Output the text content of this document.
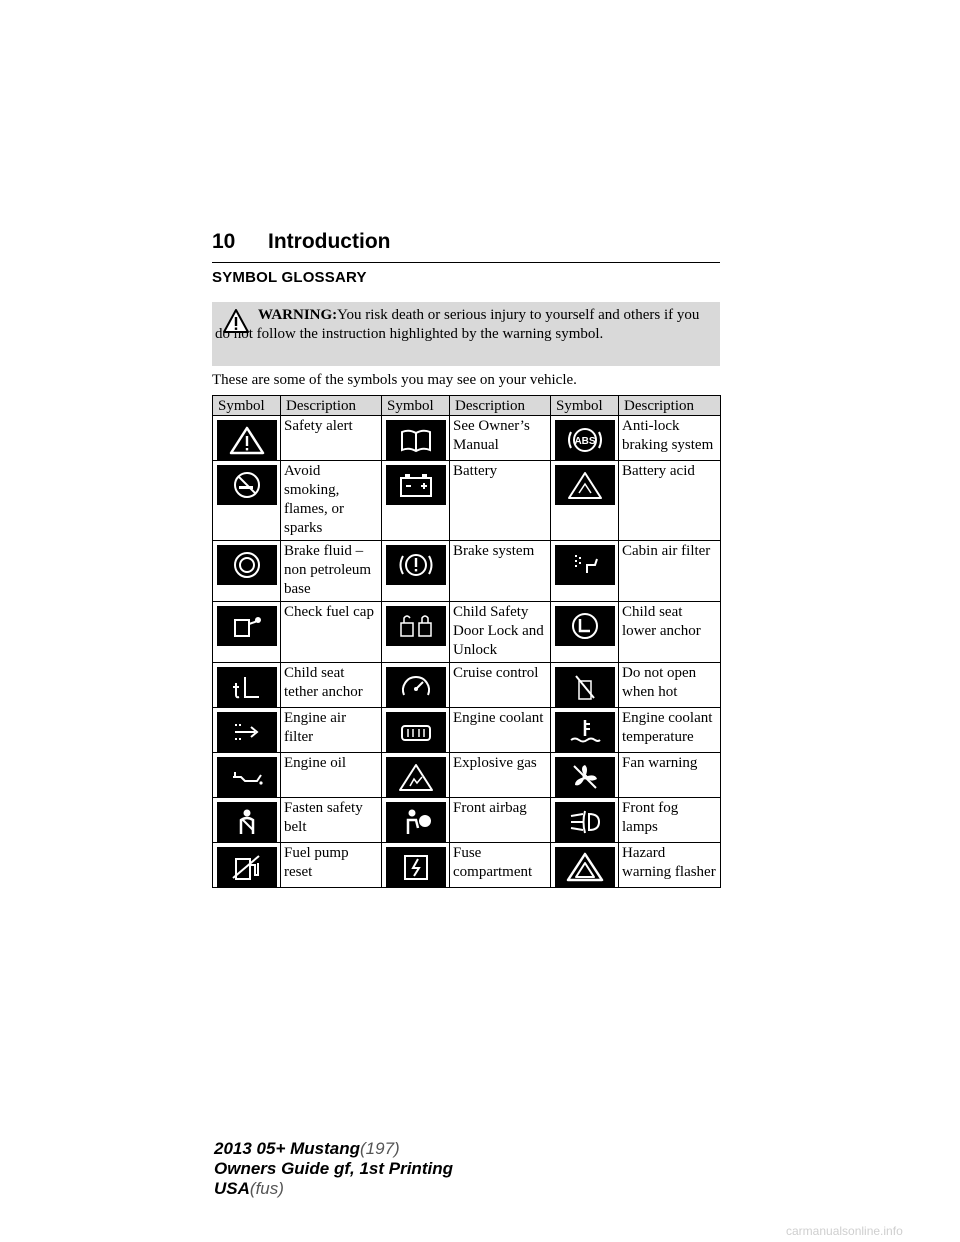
10 Introduction
SYMBOL GLOSSARY
WARNING:You risk death or serious injury to yourself and others if you do not follow the instruction highlighted by the warning symbol.
These are some of the symbols you may see on your vehicle.
Symbol	Description	Symbol	Description	Symbol	Description

	Safety alert		See Owner’s Manual	ABS	Anti-lock braking system

	Avoid smoking, flames, or sparks		Battery		Battery acid

	Brake fluid – non petroleum base		Brake system		Cabin air filter

	Check fuel cap		Child Safety Door Lock and Unlock		Child seat lower anchor

	Child seat tether anchor		Cruise control		Do not open when hot

	Engine air filter		Engine coolant		Engine coolant temperature

	Engine oil		Explosive gas		Fan warning

	Fasten safety belt		Front airbag		Front fog lamps

	Fuel pump reset		Fuse compartment		Hazard warning flasher
2013 05+ Mustang(197)
Owners Guide gf, 1st Printing
USA(fus)
carmanualsonline.info
